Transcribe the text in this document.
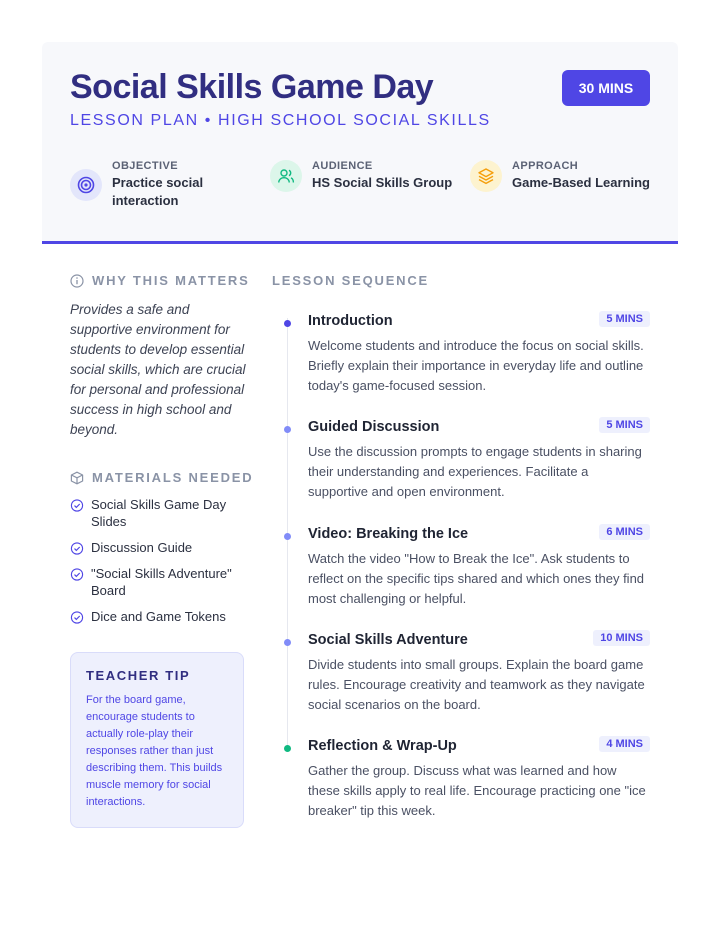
Social Skills Game Day
LESSON PLAN • HIGH SCHOOL SOCIAL SKILLS
30 MINS
OBJECTIVE
Practice social interaction
AUDIENCE
HS Social Skills Group
APPROACH
Game-Based Learning
WHY THIS MATTERS
Provides a safe and supportive environment for students to develop essential social skills, which are crucial for personal and professional success in high school and beyond.
MATERIALS NEEDED
Social Skills Game Day Slides
Discussion Guide
"Social Skills Adventure" Board
Dice and Game Tokens
TEACHER TIP
For the board game, encourage students to actually role-play their responses rather than just describing them. This builds muscle memory for social interactions.
LESSON SEQUENCE
Introduction	5 MINS
Welcome students and introduce the focus on social skills. Briefly explain their importance in everyday life and outline today's game-focused session.
Guided Discussion	5 MINS
Use the discussion prompts to engage students in sharing their understanding and experiences. Facilitate a supportive and open environment.
Video: Breaking the Ice	6 MINS
Watch the video "How to Break the Ice". Ask students to reflect on the specific tips shared and which ones they find most challenging or helpful.
Social Skills Adventure	10 MINS
Divide students into small groups. Explain the board game rules. Encourage creativity and teamwork as they navigate social scenarios on the board.
Reflection & Wrap-Up	4 MINS
Gather the group. Discuss what was learned and how these skills apply to real life. Encourage practicing one "ice breaker" tip this week.
